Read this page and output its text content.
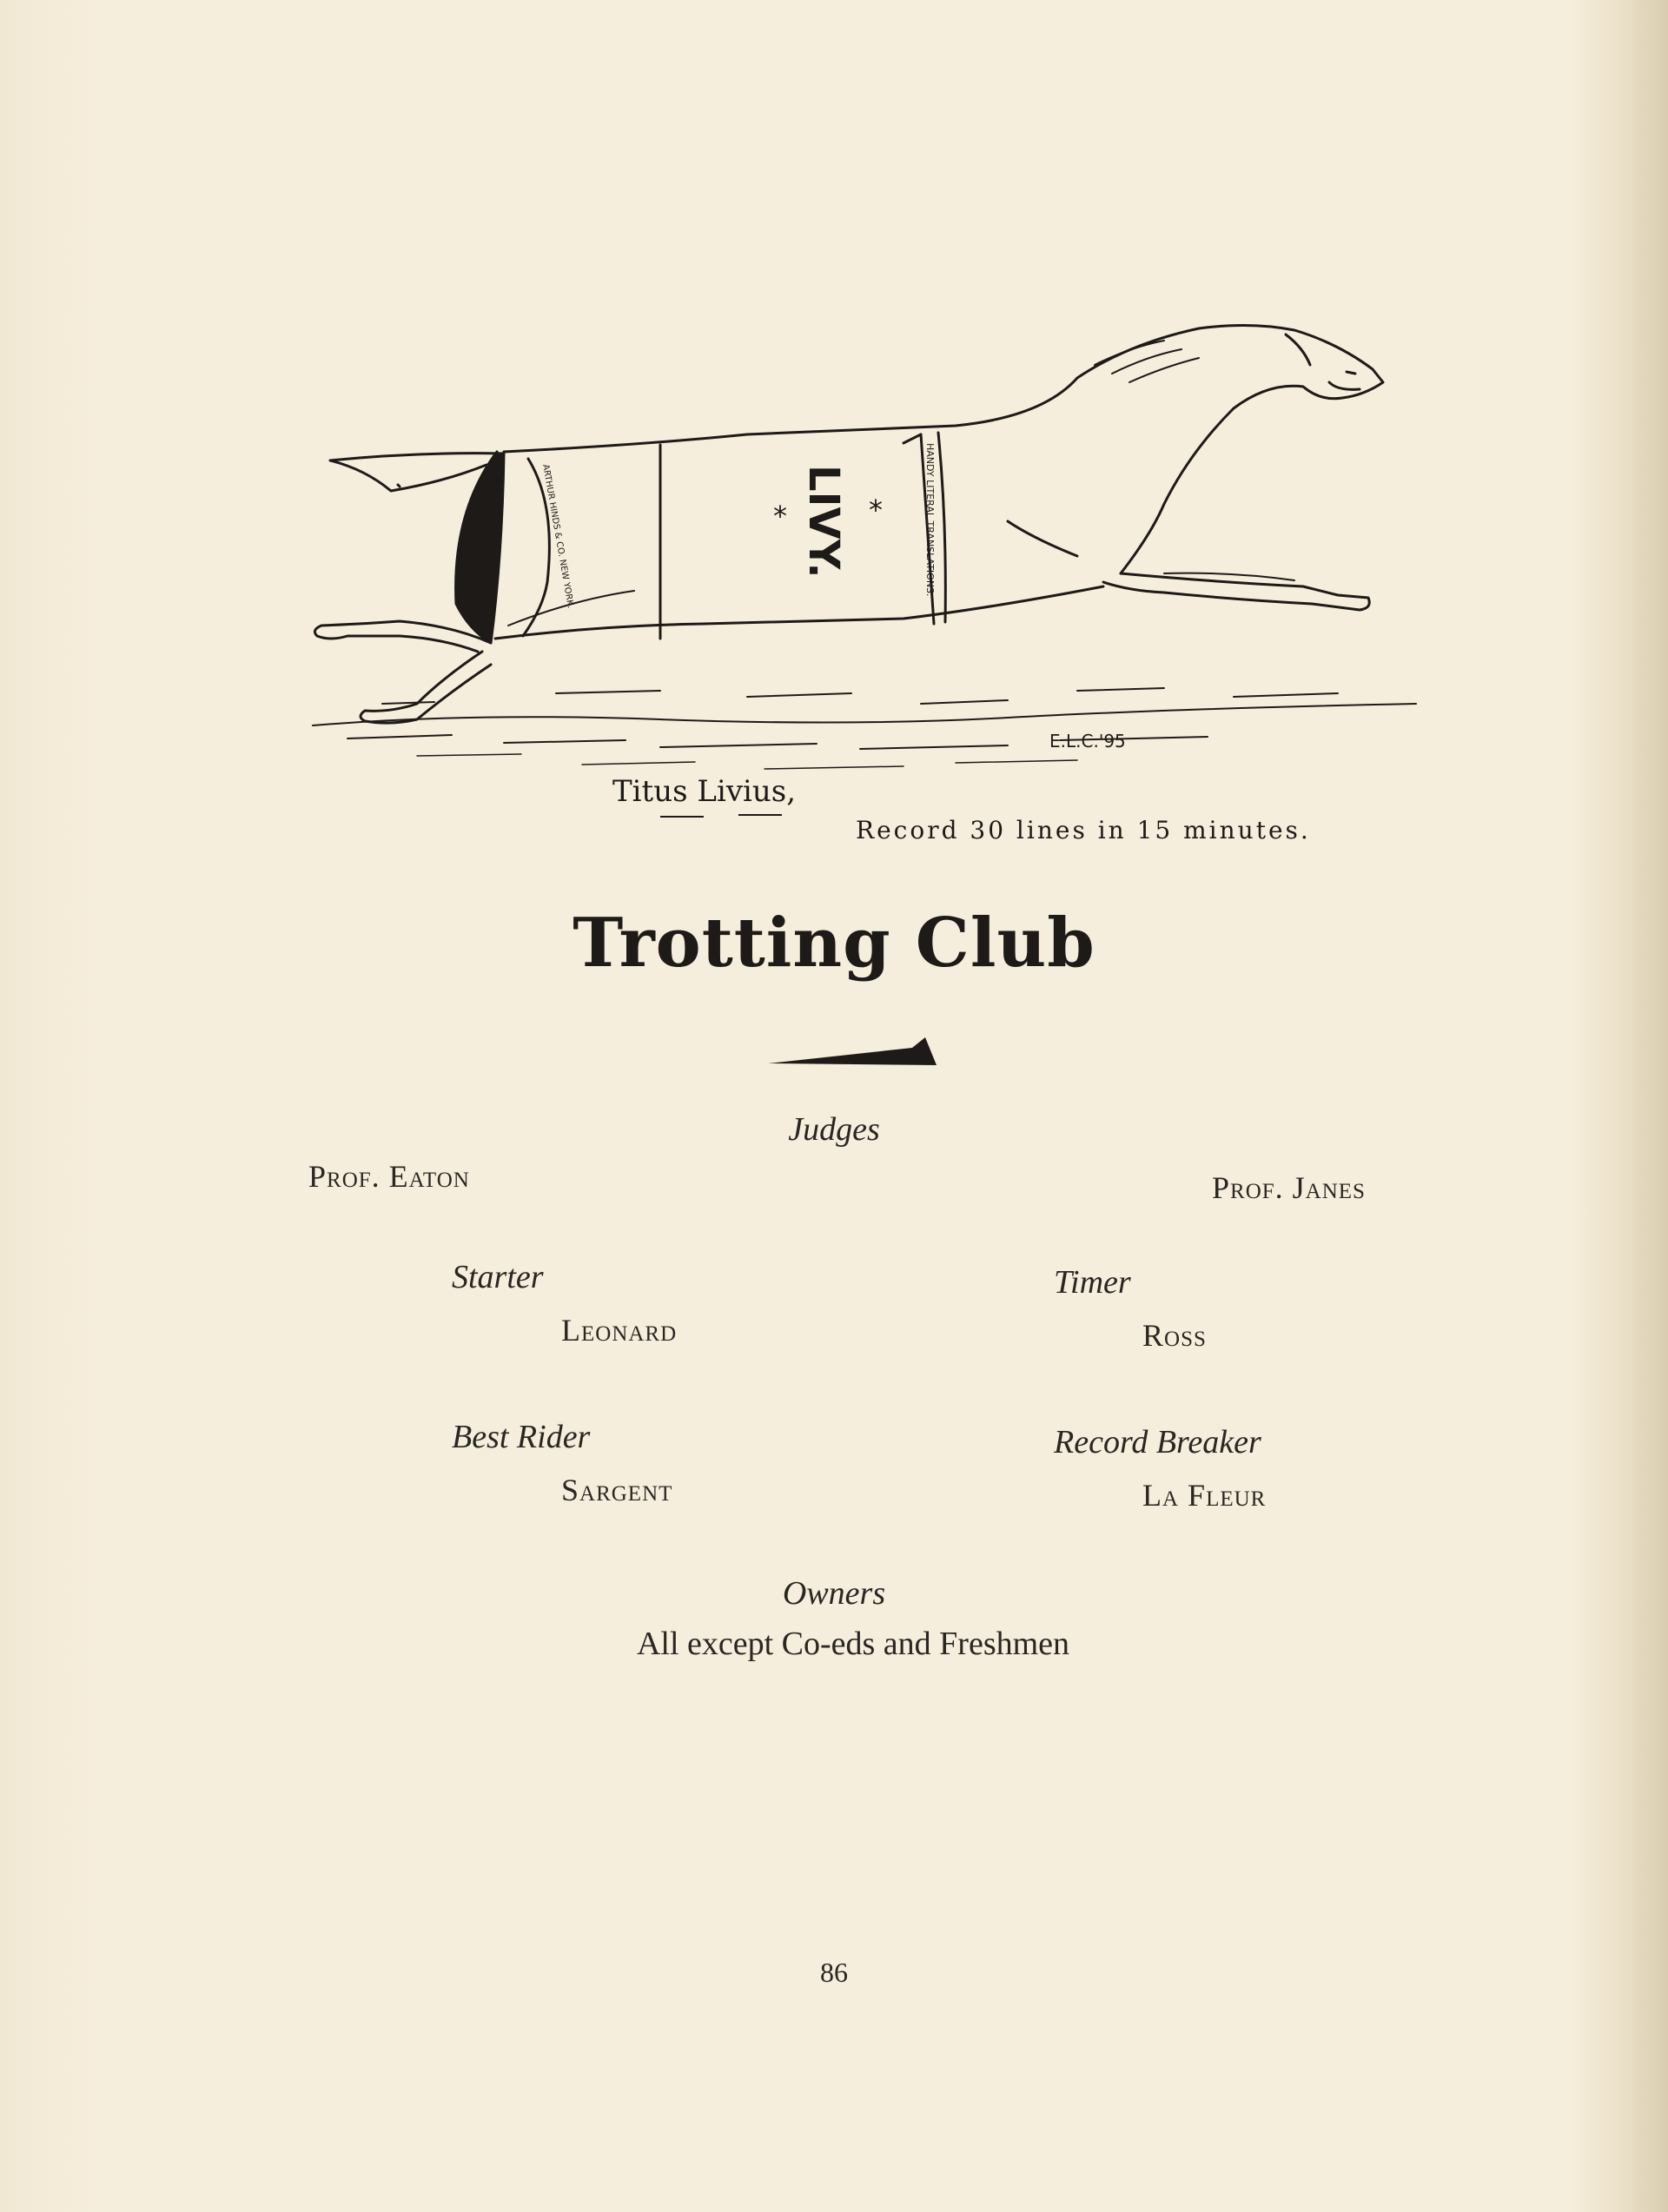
LIVY.
*	*	HANDY LITERAL TRANSLATIONS.
ARTHUR HINDS & CO. NEW YORK.
E.L.C.'95
Titus Livius,
Record 30 lines in 15 minutes.
Trotting Club
Judges
Prof. Eaton	Prof. Janes
Starter
Leonard
Timer
Ross
Best Rider
Sargent
Record Breaker
La Fleur
Owners
All except Co-eds and Freshmen
86
